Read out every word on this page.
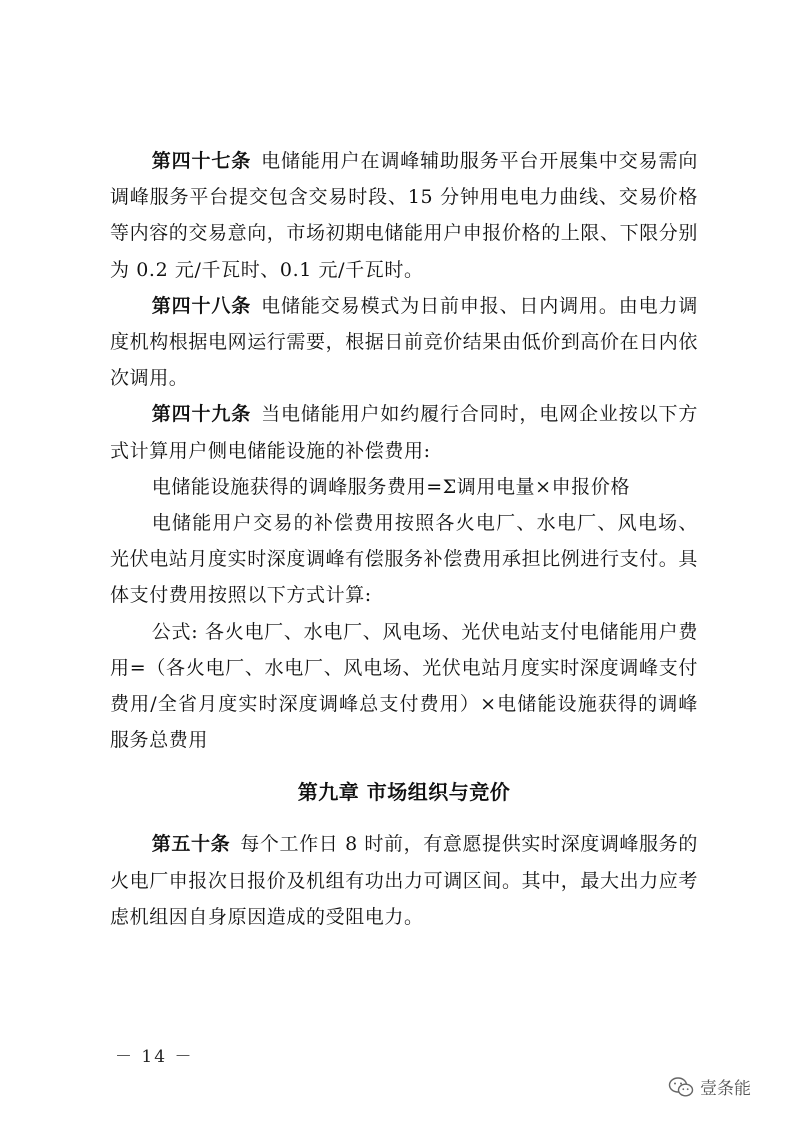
第四十七条 电储能用户在调峰辅助服务平台开展集中交易需向调峰服务平台提交包含交易时段、15 分钟用电电力曲线、交易价格等内容的交易意向，市场初期电储能用户申报价格的上限、下限分别为 0.2 元/千瓦时、0.1 元/千瓦时。

第四十八条 电储能交易模式为日前申报、日内调用。由电力调度机构根据电网运行需要，根据日前竞价结果由低价到高价在日内依次调用。

第四十九条 当电储能用户如约履行合同时，电网企业按以下方式计算用户侧电储能设施的补偿费用:

电储能设施获得的调峰服务费用=Σ调用电量×申报价格

电储能用户交易的补偿费用按照各火电厂、水电厂、风电场、光伏电站月度实时深度调峰有偿服务补偿费用承担比例进行支付。具体支付费用按照以下方式计算:

公式: 各火电厂、水电厂、风电场、光伏电站支付电储能用户费用=（各火电厂、水电厂、风电场、光伏电站月度实时深度调峰支付费用/全省月度实时深度调峰总支付费用）×电储能设施获得的调峰服务总费用

第九章 市场组织与竞价

第五十条 每个工作日 8 时前，有意愿提供实时深度调峰服务的火电厂申报次日报价及机组有功出力可调区间。其中，最大出力应考虑机组因自身原因造成的受阻电力。

－ 14 －
壹条能
